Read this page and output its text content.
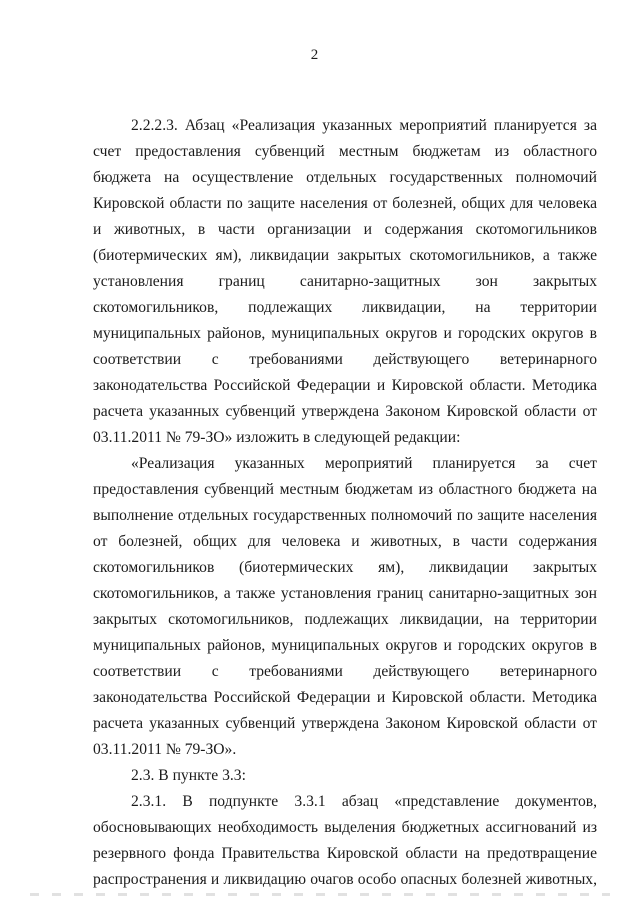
2

2.2.2.3. Абзац «Реализация указанных мероприятий планируется за счет предоставления субвенций местным бюджетам из областного бюджета на осуществление отдельных государственных полномочий Кировской области по защите населения от болезней, общих для человека и животных, в части организации и содержания скотомогильников (биотермических ям), ликвидации закрытых скотомогильников, а также установления границ санитарно-защитных зон закрытых скотомогильников, подлежащих ликвидации, на территории муниципальных районов, муниципальных округов и городских округов в соответствии с требованиями действующего ветеринарного законодательства Российской Федерации и Кировской области. Методика расчета указанных субвенций утверждена Законом Кировской области от 03.11.2011 № 79-ЗО» изложить в следующей редакции:

«Реализация указанных мероприятий планируется за счет предоставления субвенций местным бюджетам из областного бюджета на выполнение отдельных государственных полномочий по защите населения от болезней, общих для человека и животных, в части содержания скотомогильников (биотермических ям), ликвидации закрытых скотомогильников, а также установления границ санитарно-защитных зон закрытых скотомогильников, подлежащих ликвидации, на территории муниципальных районов, муниципальных округов и городских округов в соответствии с требованиями действующего ветеринарного законодательства Российской Федерации и Кировской области. Методика расчета указанных субвенций утверждена Законом Кировской области от 03.11.2011 № 79-ЗО».

2.3. В пункте 3.3:

2.3.1. В подпункте 3.3.1 абзац «представление документов, обосновывающих необходимость выделения бюджетных ассигнований из резервного фонда Правительства Кировской области на предотвращение распространения и ликвидацию очагов особо опасных болезней животных,
